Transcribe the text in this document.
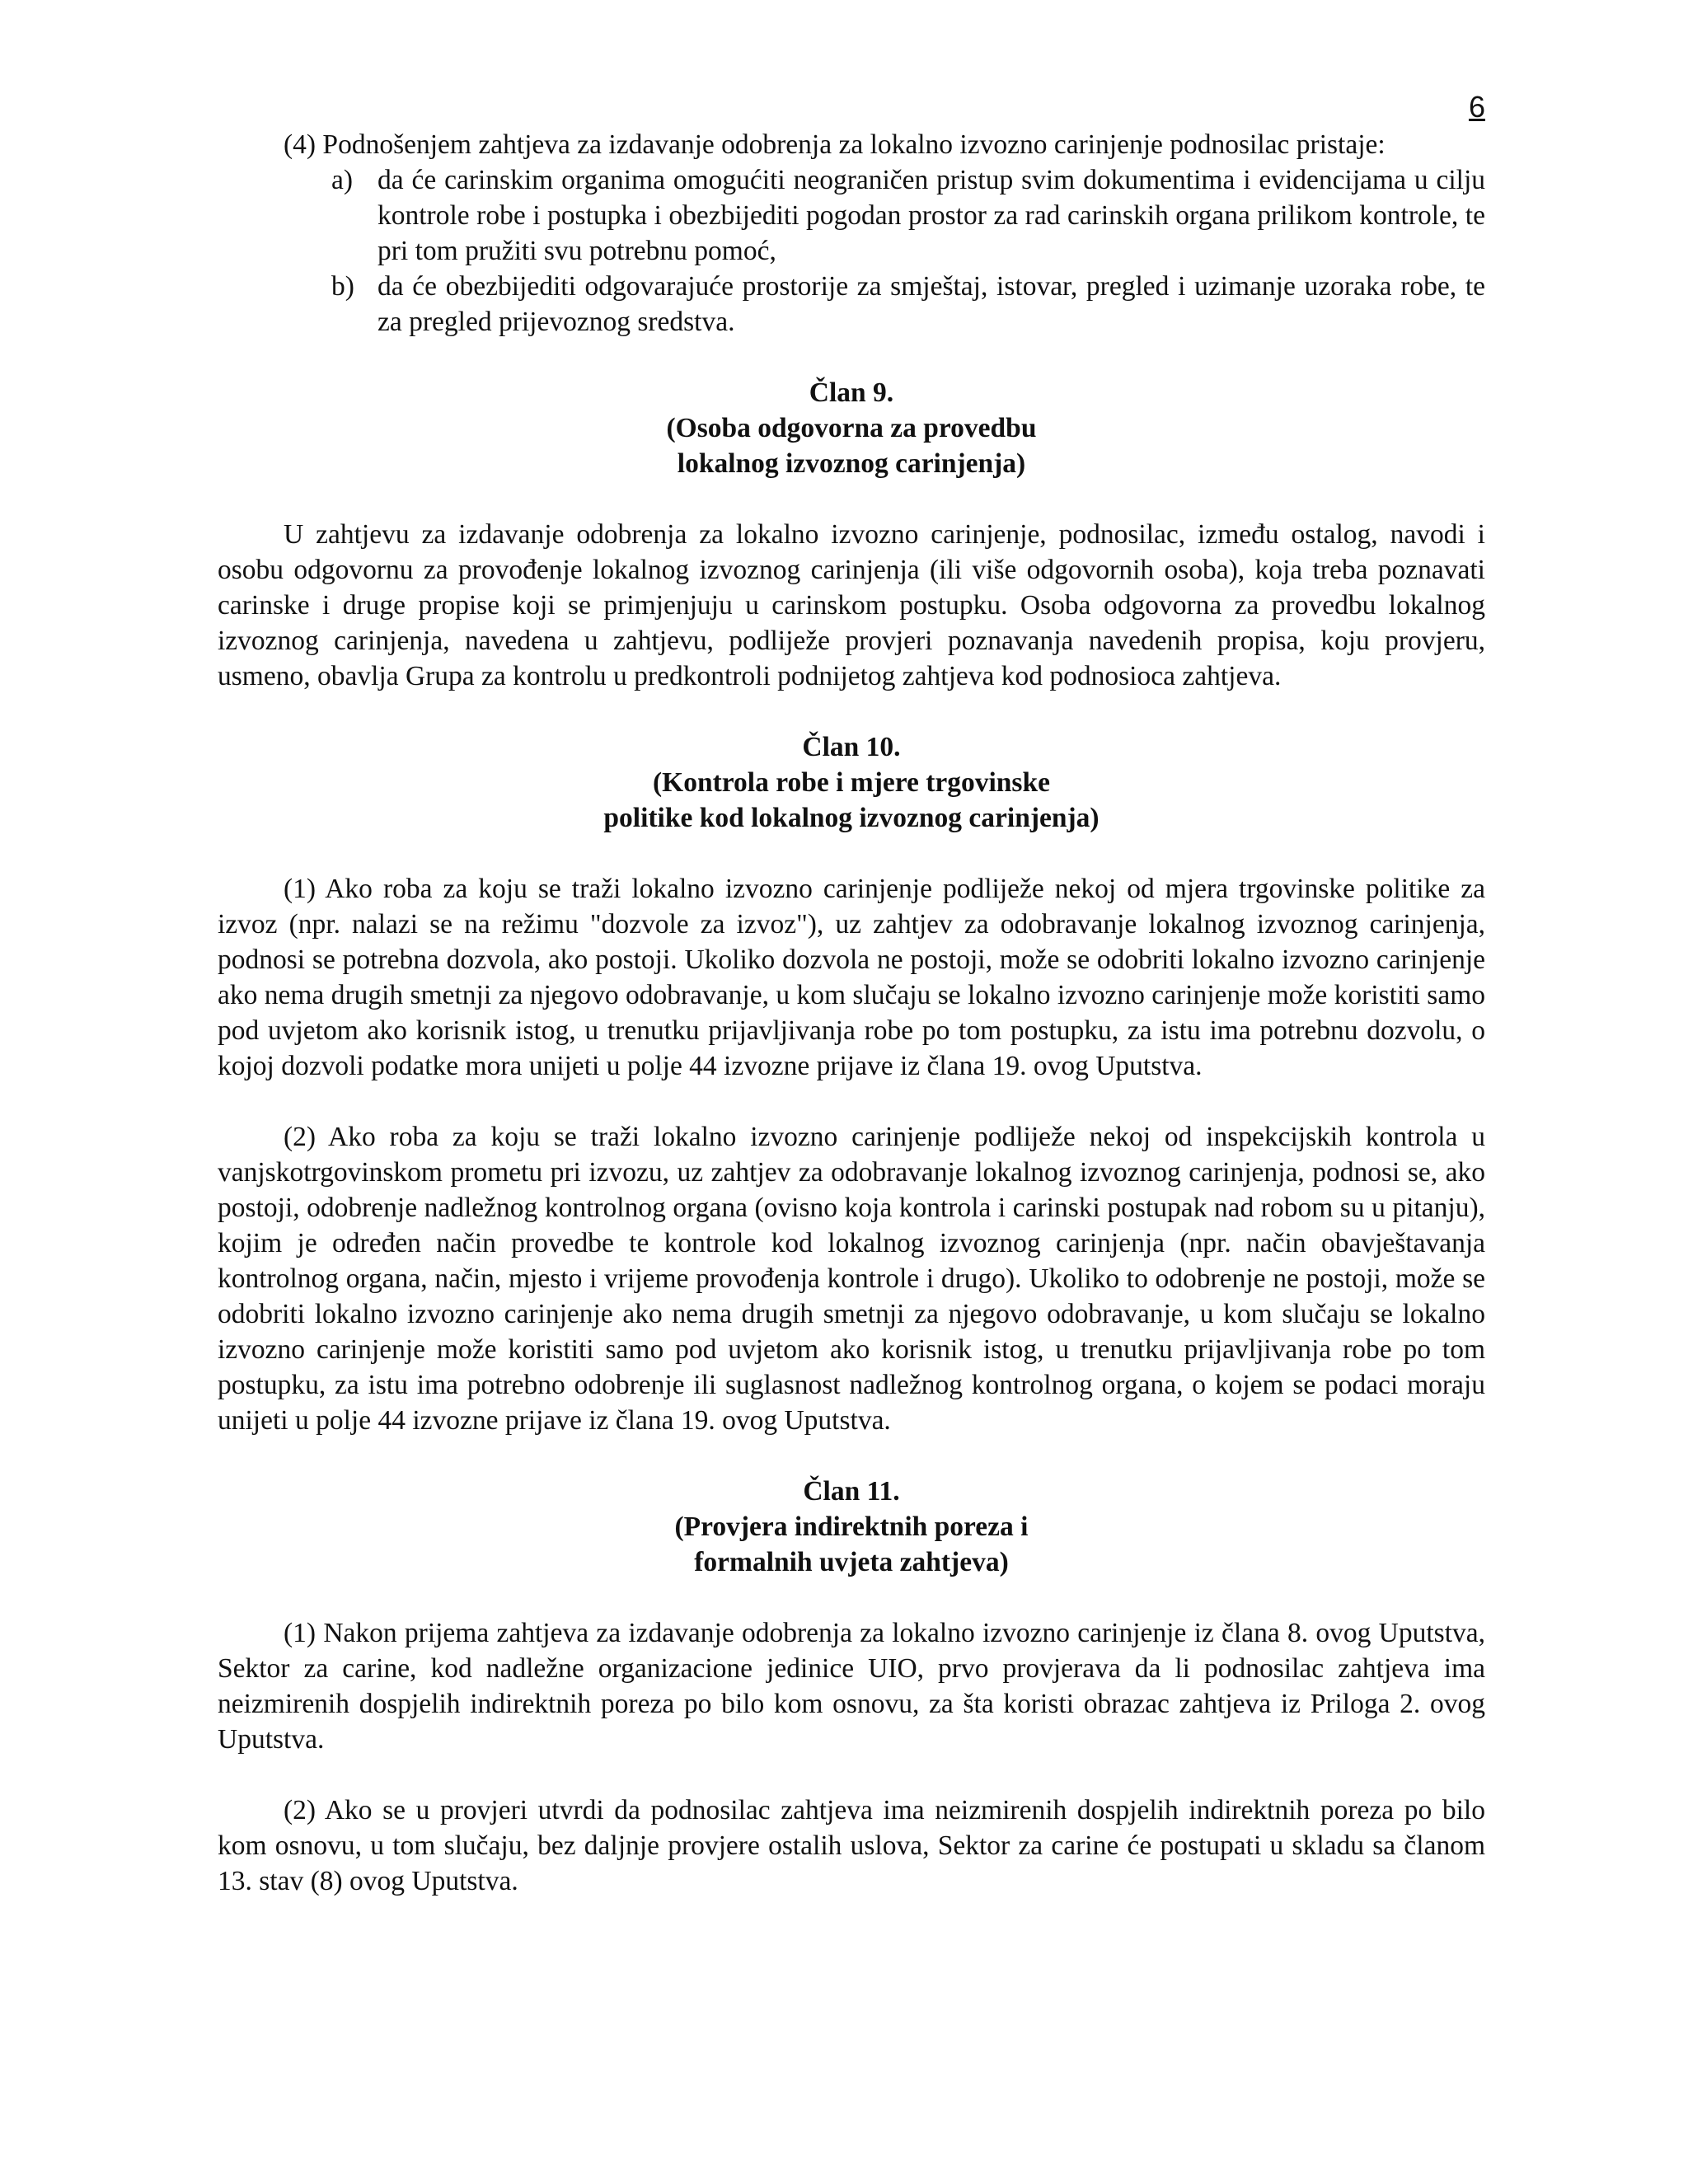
6

(4) Podnošenjem zahtjeva za izdavanje odobrenja za lokalno izvozno carinjenje podnosilac pristaje:

a) da će carinskim organima omogućiti neograničen pristup svim dokumentima i evidencijama u cilju kontrole robe i postupka i obezbijediti pogodan prostor za rad carinskih organa prilikom kontrole, te pri tom pružiti svu potrebnu pomoć,
b) da će obezbijediti odgovarajuće prostorije za smještaj, istovar, pregled i uzimanje uzoraka robe, te za pregled prijevoznog sredstva.
Član 9.
(Osoba odgovorna za provedbu
lokalnog izvoznog carinjenja)

U zahtjevu za izdavanje odobrenja za lokalno izvozno carinjenje, podnosilac, između ostalog, navodi i osobu odgovornu za provođenje lokalnog izvoznog carinjenja (ili više odgovornih osoba), koja treba poznavati carinske i druge propise koji se primjenjuju u carinskom postupku. Osoba odgovorna za provedbu lokalnog izvoznog carinjenja, navedena u zahtjevu, podliježe provjeri poznavanja navedenih propisa, koju provjeru, usmeno, obavlja Grupa za kontrolu u predkontroli podnijetog zahtjeva kod podnosioca zahtjeva.

Član 10.
(Kontrola robe i mjere trgovinske
politike kod lokalnog izvoznog carinjenja)

(1) Ako roba za koju se traži lokalno izvozno carinjenje podliježe nekoj od mjera trgovinske politike za izvoz (npr. nalazi se na režimu "dozvole za izvoz"), uz zahtjev za odobravanje lokalnog izvoznog carinjenja, podnosi se potrebna dozvola, ako postoji. Ukoliko dozvola ne postoji, može se odobriti lokalno izvozno carinjenje ako nema drugih smetnji za njegovo odobravanje, u kom slučaju se lokalno izvozno carinjenje može koristiti samo pod uvjetom ako korisnik istog, u trenutku prijavljivanja robe po tom postupku, za istu ima potrebnu dozvolu, o kojoj dozvoli podatke mora unijeti u polje 44 izvozne prijave iz člana 19. ovog Uputstva.

(2) Ako roba za koju se traži lokalno izvozno carinjenje podliježe nekoj od inspekcijskih kontrola u vanjskotrgovinskom prometu pri izvozu, uz zahtjev za odobravanje lokalnog izvoznog carinjenja, podnosi se, ako postoji, odobrenje nadležnog kontrolnog organa (ovisno koja kontrola i carinski postupak nad robom su u pitanju), kojim je određen način provedbe te kontrole kod lokalnog izvoznog carinjenja (npr. način obavještavanja kontrolnog organa, način, mjesto i vrijeme provođenja kontrole i drugo). Ukoliko to odobrenje ne postoji, može se odobriti lokalno izvozno carinjenje ako nema drugih smetnji za njegovo odobravanje, u kom slučaju se lokalno izvozno carinjenje može koristiti samo pod uvjetom ako korisnik istog, u trenutku prijavljivanja robe po tom postupku, za istu ima potrebno odobrenje ili suglasnost nadležnog kontrolnog organa, o kojem se podaci moraju unijeti u polje 44 izvozne prijave iz člana 19. ovog Uputstva.

Član 11.
(Provjera indirektnih poreza i
formalnih uvjeta zahtjeva)

(1) Nakon prijema zahtjeva za izdavanje odobrenja za lokalno izvozno carinjenje iz člana 8. ovog Uputstva, Sektor za carine, kod nadležne organizacione jedinice UIO, prvo provjerava da li podnosilac zahtjeva ima neizmirenih dospjelih indirektnih poreza po bilo kom osnovu, za šta koristi obrazac zahtjeva iz Priloga 2. ovog Uputstva.

(2) Ako se u provjeri utvrdi da podnosilac zahtjeva ima neizmirenih dospjelih indirektnih poreza po bilo kom osnovu, u tom slučaju, bez daljnje provjere ostalih uslova, Sektor za carine će postupati u skladu sa članom 13. stav (8) ovog Uputstva.
